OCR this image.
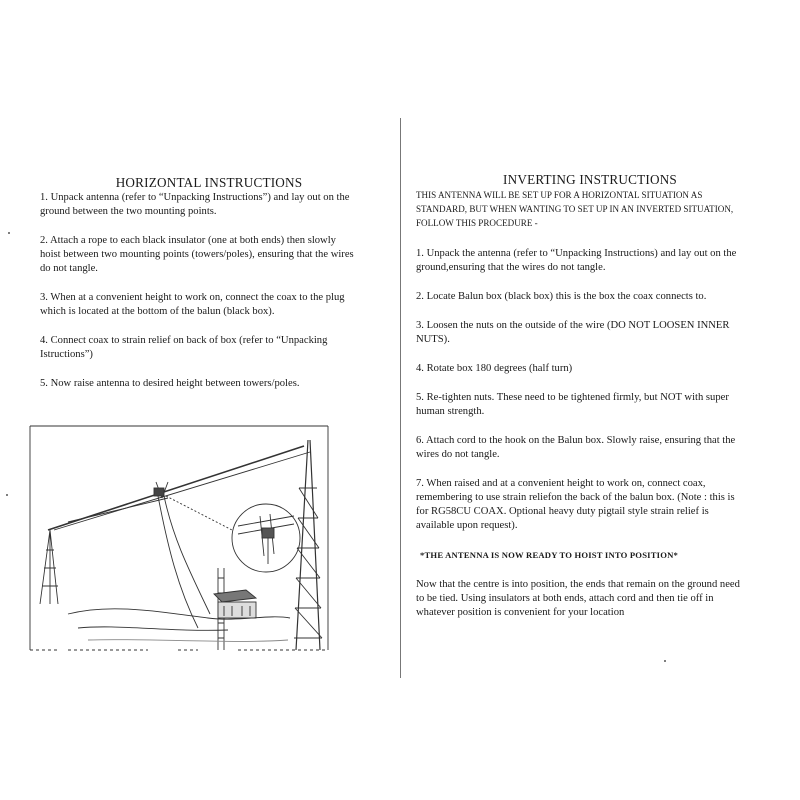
HORIZONTAL INSTRUCTIONS

1. Unpack antenna (refer to “Unpacking Instructions”) and lay out on the ground between the two mounting points.

2. Attach a rope to each black insulator (one at both ends) then slowly hoist between two mounting points (towers/poles), ensuring that the wires do not tangle.

3. When at a convenient height to work on, connect the coax to the plug which is located at the bottom of the balun (black box).

4. Connect coax to strain relief on back of box (refer to “Unpacking Istructions”)

5. Now raise antenna to desired height between towers/poles.

INVERTING INSTRUCTIONS

THIS ANTENNA WILL BE SET UP FOR A HORIZONTAL SITUATION AS STANDARD, BUT WHEN WANTING TO SET UP IN AN INVERTED SITUATION, FOLLOW THIS PROCEDURE -

1. Unpack the antenna (refer to “Unpacking Instructions) and lay out on the ground,ensuring that the wires do not tangle.

2. Locate Balun box (black box) this is the box the coax connects to.

3. Loosen the nuts on the outside of the wire (DO NOT LOOSEN INNER NUTS).

4. Rotate box 180 degrees (half turn)

5. Re-tighten nuts. These need to be tightened firmly, but NOT with super human strength.

6. Attach cord to the hook on the Balun box. Slowly raise, ensuring that the wires do not tangle.

7. When raised and at a convenient height to work on, connect coax, remembering to use strain reliefon the back of the balun box. (Note : this is for RG58CU COAX. Optional heavy duty pigtail style strain relief is available upon request).

*THE ANTENNA IS NOW READY TO HOIST INTO POSITION*

Now that the centre is into position, the ends that remain on the ground need to be tied. Using insulators at both ends, attach cord and then tie off in whatever position is convenient for your location
